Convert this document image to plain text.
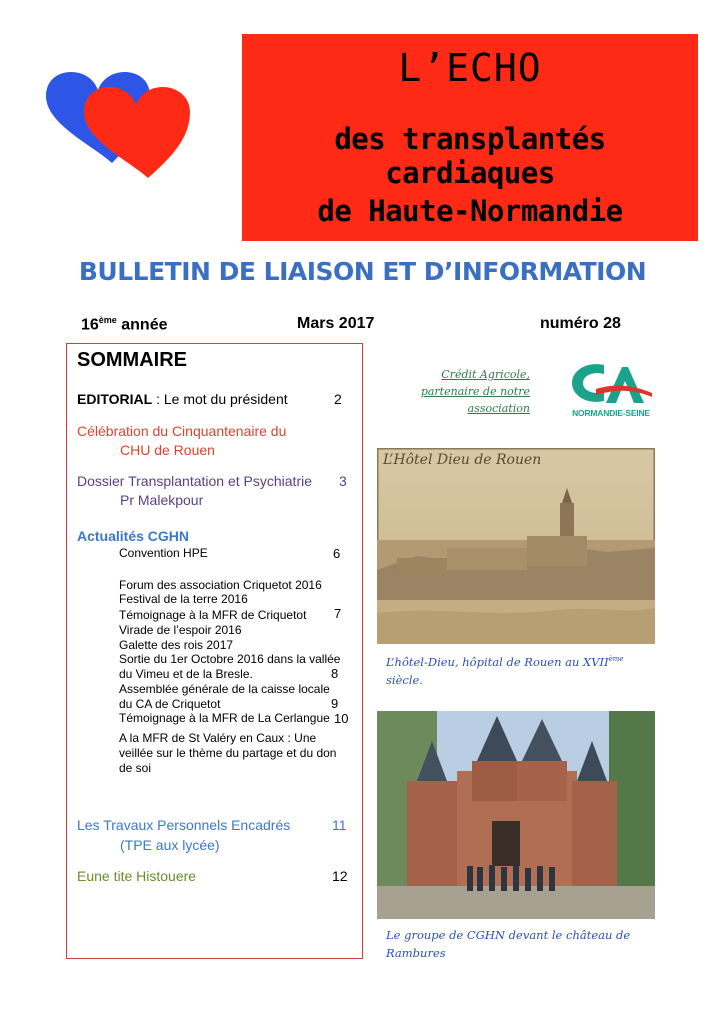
L’ECHO
des transplantés cardiaques
de Haute-Normandie
BULLETIN DE LIAISON ET D’INFORMATION
16ème année	Mars 2017	numéro 28
SOMMAIRE
EDITORIAL : Le mot du président	2
Célébration du Cinquantenaire du
CHU de Rouen
Dossier Transplantation et Psychiatrie 3
Pr Malekpour
Actualités CGHN
Convention HPE	6
Forum des association Criquetot 2016
Festival de la terre 2016
Témoignage à la MFR de Criquetot 7
Virade de l’espoir 2016
Galette des rois 2017
Sortie du 1er Octobre 2016 dans la vallée
du Vimeu et de la Bresle.	8
Assemblée générale de la caisse locale
du CA de Criquetot	9
Témoignage à la MFR de La Cerlangue 10
A la MFR de St Valéry en Caux : Une
veillée sur le thème du partage et du don
de soi
Les Travaux Personnels Encadrés	11
(TPE aux lycée)
Eune tite Histouere	12
Crédit Agricole,
partenaire de notre
association	NORMANDIE-SEINE
L’Hôtel Dieu de Rouen
L’hôtel-Dieu, hôpital de Rouen au XVIIème
siècle.
Le groupe de CGHN devant le château de
Rambures
